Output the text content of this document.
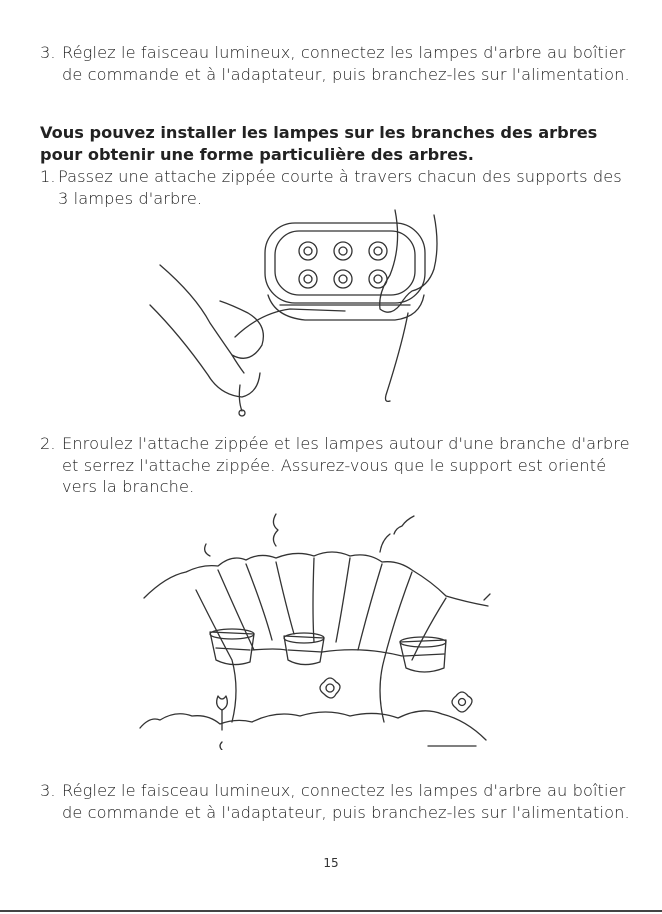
3. Réglez le faisceau lumineux, connectez les lampes d'arbre au boîtier de commande et à l'adaptateur, puis branchez-les sur l'alimentation.
Vous pouvez installer les lampes sur les branches des arbres pour obtenir une forme particulière des arbres.
1. Passez une attache zippée courte à travers chacun des supports des 3 lampes d'arbre.
2. Enroulez l'attache zippée et les lampes autour d'une branche d'arbre et serrez l'attache zippée. Assurez-vous que le support est orienté vers la branche.
3. Réglez le faisceau lumineux, connectez les lampes d'arbre au boîtier de commande et à l'adaptateur, puis branchez-les sur l'alimentation.
15
